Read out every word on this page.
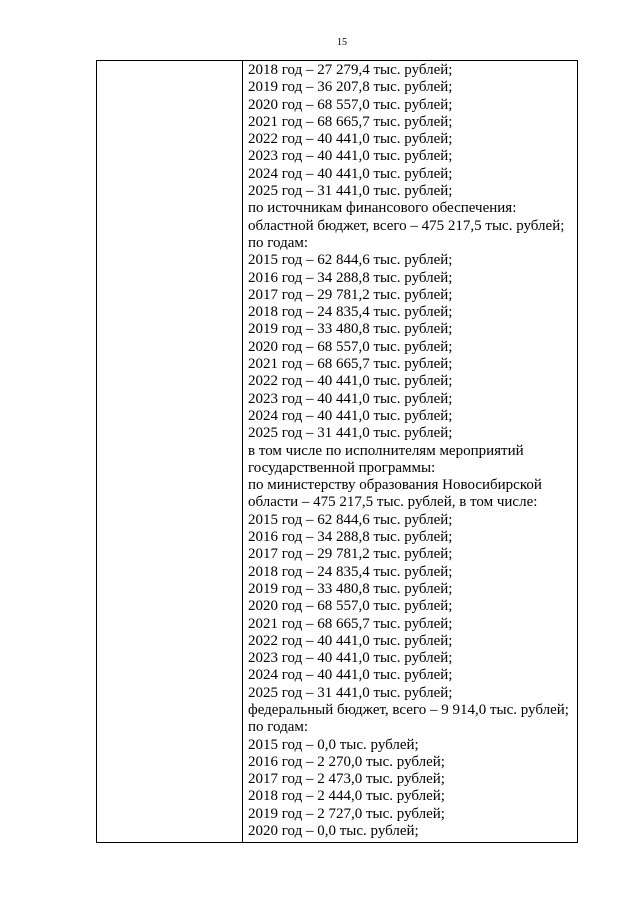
15
2018 год – 27 279,4 тыс. рублей;
2019 год – 36 207,8 тыс. рублей;
2020 год – 68 557,0 тыс. рублей;
2021 год – 68 665,7 тыс. рублей;
2022 год – 40 441,0 тыс. рублей;
2023 год – 40 441,0 тыс. рублей;
2024 год – 40 441,0 тыс. рублей;
2025 год – 31 441,0 тыс. рублей;
по источникам финансового обеспечения:
областной бюджет, всего – 475 217,5 тыс. рублей;
по годам:
2015 год – 62 844,6 тыс. рублей;
2016 год – 34 288,8 тыс. рублей;
2017 год – 29 781,2 тыс. рублей;
2018 год – 24 835,4 тыс. рублей;
2019 год – 33 480,8 тыс. рублей;
2020 год – 68 557,0 тыс. рублей;
2021 год – 68 665,7 тыс. рублей;
2022 год – 40 441,0 тыс. рублей;
2023 год – 40 441,0 тыс. рублей;
2024 год – 40 441,0 тыс. рублей;
2025 год – 31 441,0 тыс. рублей;
в том числе по исполнителям мероприятий
государственной программы:
по министерству образования Новосибирской
области – 475 217,5 тыс. рублей, в том числе:
2015 год – 62 844,6 тыс. рублей;
2016 год – 34 288,8 тыс. рублей;
2017 год – 29 781,2 тыс. рублей;
2018 год – 24 835,4 тыс. рублей;
2019 год – 33 480,8 тыс. рублей;
2020 год – 68 557,0 тыс. рублей;
2021 год – 68 665,7 тыс. рублей;
2022 год – 40 441,0 тыс. рублей;
2023 год – 40 441,0 тыс. рублей;
2024 год – 40 441,0 тыс. рублей;
2025 год – 31 441,0 тыс. рублей;
федеральный бюджет, всего – 9 914,0 тыс. рублей;
по годам:
2015 год – 0,0 тыс. рублей;
2016 год – 2 270,0 тыс. рублей;
2017 год – 2 473,0 тыс. рублей;
2018 год – 2 444,0 тыс. рублей;
2019 год – 2 727,0 тыс. рублей;
2020 год – 0,0 тыс. рублей;
